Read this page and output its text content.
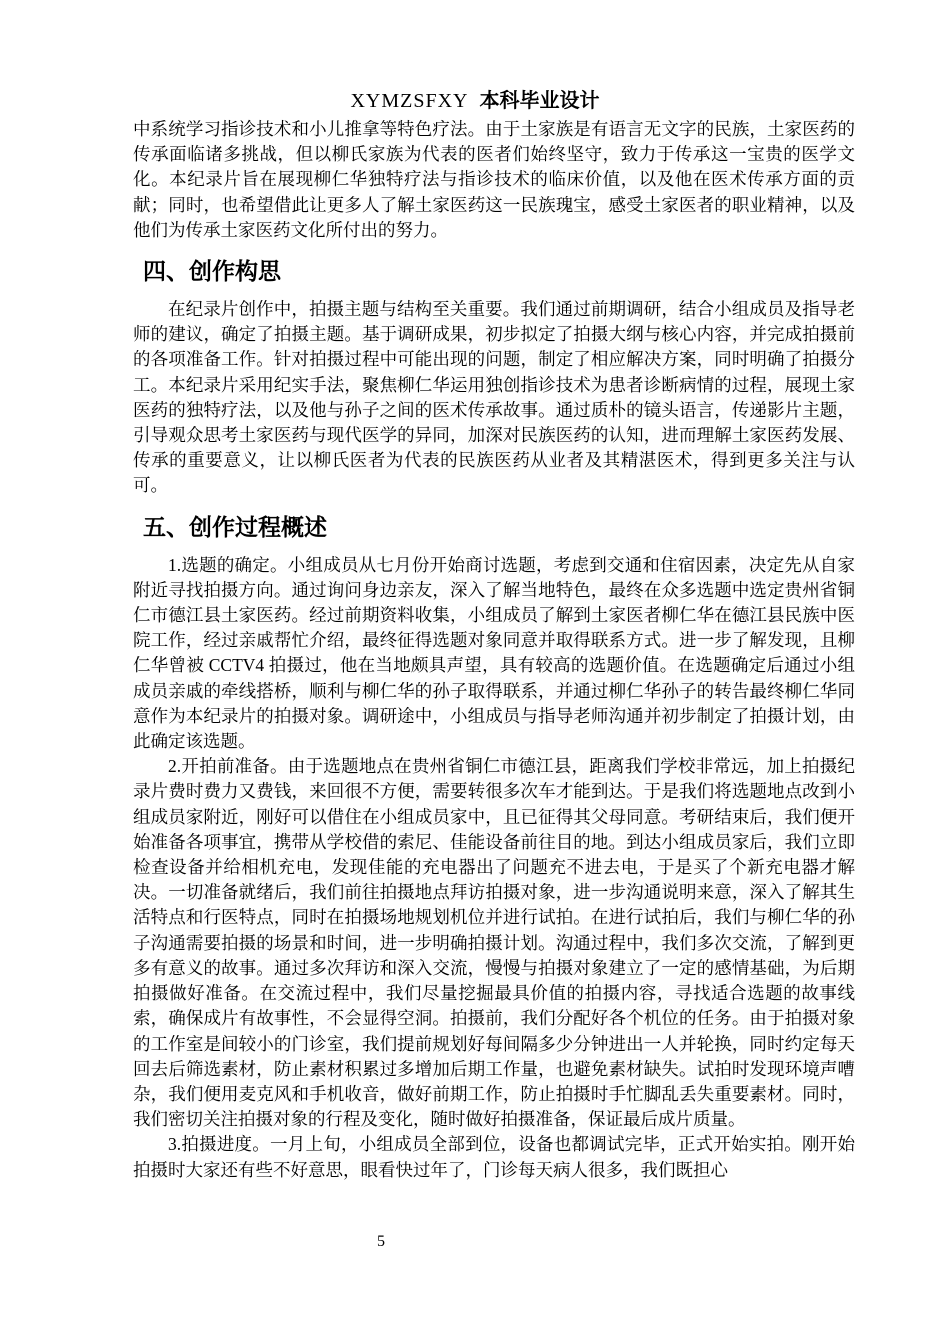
XYMZSFXY 本科毕业设计

中系统学习指诊技术和小儿推拿等特色疗法。由于土家族是有语言无文字的民族，土家医药的传承面临诸多挑战，但以柳氏家族为代表的医者们始终坚守，致力于传承这一宝贵的医学文化。本纪录片旨在展现柳仁华独特疗法与指诊技术的临床价值，以及他在医术传承方面的贡献；同时，也希望借此让更多人了解土家医药这一民族瑰宝，感受土家医者的职业精神，以及他们为传承土家医药文化所付出的努力。

四、创作构思

在纪录片创作中，拍摄主题与结构至关重要。我们通过前期调研，结合小组成员及指导老师的建议，确定了拍摄主题。基于调研成果，初步拟定了拍摄大纲与核心内容，并完成拍摄前的各项准备工作。针对拍摄过程中可能出现的问题，制定了相应解决方案，同时明确了拍摄分工。本纪录片采用纪实手法，聚焦柳仁华运用独创指诊技术为患者诊断病情的过程，展现土家医药的独特疗法，以及他与孙子之间的医术传承故事。通过质朴的镜头语言，传递影片主题，引导观众思考土家医药与现代医学的异同，加深对民族医药的认知，进而理解土家医药发展、传承的重要意义，让以柳氏医者为代表的民族医药从业者及其精湛医术，得到更多关注与认可。

五、创作过程概述

1.选题的确定。小组成员从七月份开始商讨选题，考虑到交通和住宿因素，决定先从自家附近寻找拍摄方向。通过询问身边亲友，深入了解当地特色，最终在众多选题中选定贵州省铜仁市德江县土家医药。经过前期资料收集，小组成员了解到土家医者柳仁华在德江县民族中医院工作，经过亲戚帮忙介绍，最终征得选题对象同意并取得联系方式。进一步了解发现，且柳仁华曾被 CCTV4 拍摄过，他在当地颇具声望，具有较高的选题价值。在选题确定后通过小组成员亲戚的牵线搭桥，顺利与柳仁华的孙子取得联系，并通过柳仁华孙子的转告最终柳仁华同意作为本纪录片的拍摄对象。调研途中，小组成员与指导老师沟通并初步制定了拍摄计划，由此确定该选题。

2.开拍前准备。由于选题地点在贵州省铜仁市德江县，距离我们学校非常远，加上拍摄纪录片费时费力又费钱，来回很不方便，需要转很多次车才能到达。于是我们将选题地点改到小组成员家附近，刚好可以借住在小组成员家中，且已征得其父母同意。考研结束后，我们便开始准备各项事宜，携带从学校借的索尼、佳能设备前往目的地。到达小组成员家后，我们立即检查设备并给相机充电，发现佳能的充电器出了问题充不进去电，于是买了个新充电器才解决。一切准备就绪后，我们前往拍摄地点拜访拍摄对象，进一步沟通说明来意，深入了解其生活特点和行医特点，同时在拍摄场地规划机位并进行试拍。在进行试拍后，我们与柳仁华的孙子沟通需要拍摄的场景和时间，进一步明确拍摄计划。沟通过程中，我们多次交流，了解到更多有意义的故事。通过多次拜访和深入交流，慢慢与拍摄对象建立了一定的感情基础，为后期拍摄做好准备。在交流过程中，我们尽量挖掘最具价值的拍摄内容，寻找适合选题的故事线索，确保成片有故事性，不会显得空洞。拍摄前，我们分配好各个机位的任务。由于拍摄对象的工作室是间较小的门诊室，我们提前规划好每间隔多少分钟进出一人并轮换，同时约定每天回去后筛选素材，防止素材积累过多增加后期工作量，也避免素材缺失。试拍时发现环境声嘈杂，我们便用麦克风和手机收音，做好前期工作，防止拍摄时手忙脚乱丢失重要素材。同时，我们密切关注拍摄对象的行程及变化，随时做好拍摄准备，保证最后成片质量。

3.拍摄进度。一月上旬，小组成员全部到位，设备也都调试完毕，正式开始实拍。刚开始拍摄时大家还有些不好意思，眼看快过年了，门诊每天病人很多，我们既担心

5
